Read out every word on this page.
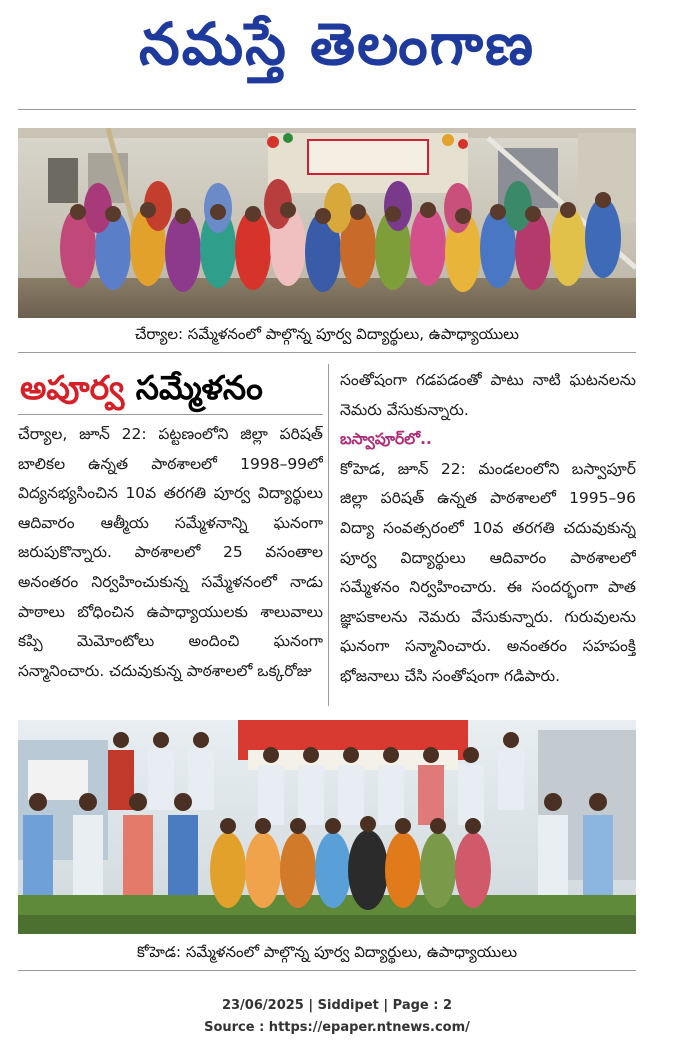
నమస్తే తెలంగాణ
చేర్యాల: సమ్మేళనంలో పాల్గొన్న పూర్వ విద్యార్థులు, ఉపాధ్యాయులు
అపూర్వ సమ్మేళనం

చేర్యాల, జూన్ 22: పట్టణంలోని జిల్లా పరిషత్ బాలికల ఉన్నత పాఠశాలలో 1998–99లో విద్యనభ్యసించిన 10వ తరగతి పూర్వ విద్యార్థులు ఆదివారం ఆత్మీయ సమ్మేళనాన్ని ఘనంగా జరుపుకొన్నారు. పాఠశాలలో 25 వసంతాల అనంతరం నిర్వహించుకున్న సమ్మేళనంలో నాడు పాఠాలు బోధించిన ఉపాధ్యాయులకు శాలువాలు కప్పి మెమోంటోలు అందించి ఘనంగా సన్మానించారు. చదువుకున్న పాఠశాలలో ఒక్కరోజు

సంతోషంగా గడపడంతో పాటు నాటి ఘటనలను నెమరు వేసుకున్నారు.

బస్వాపూర్‌లో..

కోహెడ, జూన్ 22: మండలంలోని బస్వాపూర్ జిల్లా పరిషత్ ఉన్నత పాఠశాలలో 1995–96 విద్యా సంవత్సరంలో 10వ తరగతి చదువుకున్న పూర్వ విద్యార్థులు ఆదివారం పాఠశాలలో సమ్మేళనం నిర్వహించారు. ఈ సందర్భంగా పాత జ్ఞాపకాలను నెమరు వేసుకున్నారు. గురువులను ఘనంగా సన్మానించారు. అనంతరం సహపంక్తి భోజనాలు చేసి సంతోషంగా గడిపారు.

కోహెడ: సమ్మేళనంలో పాల్గొన్న పూర్వ విద్యార్థులు, ఉపాధ్యాయులు
23/06/2025 | Siddipet | Page : 2
Source : https://epaper.ntnews.com/
